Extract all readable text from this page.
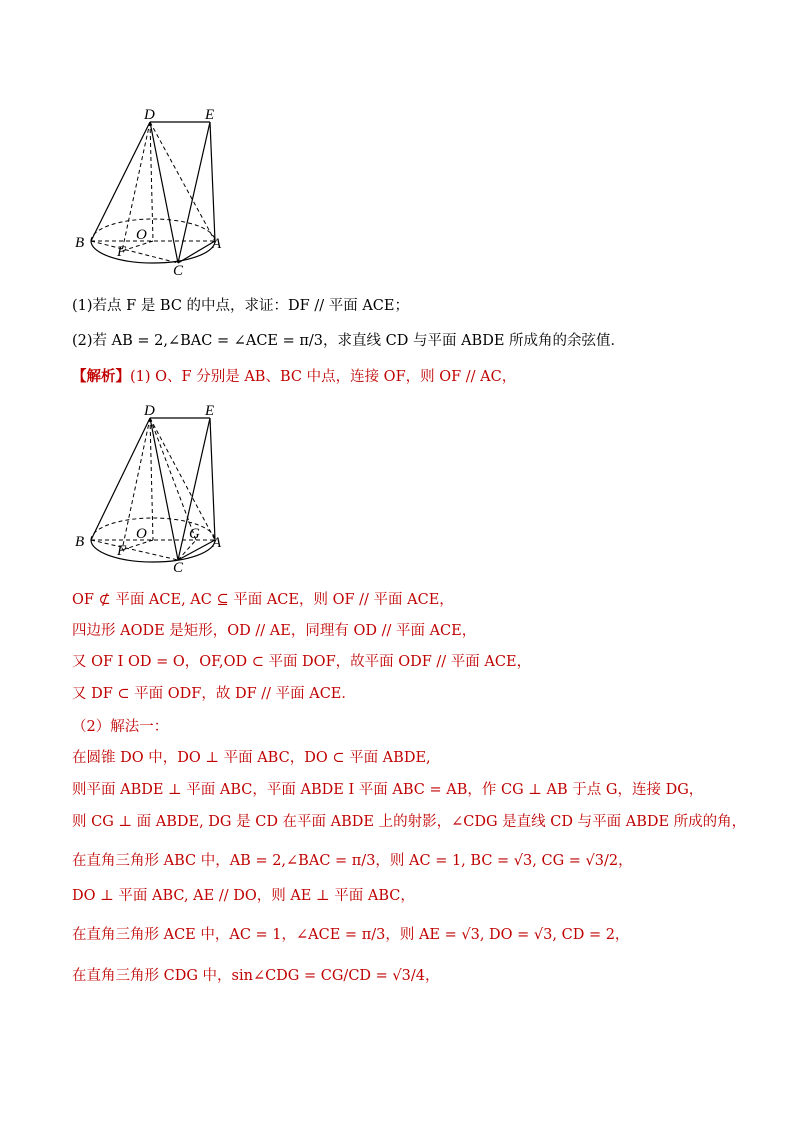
D	E
B	O
A
F
C
(1)若点 F 是 BC 的中点，求证：DF // 平面 ACE；
(2)若 AB = 2,∠BAC = ∠ACE = π/3，求直线 CD 与平面 ABDE 所成角的余弦值．
【解析】(1) O、F 分别是 AB、BC 中点，连接 OF，则 OF // AC，
D	E
B	O	G
A
F
C
OF ⊄ 平面 ACE, AC ⊆ 平面 ACE，则 OF // 平面 ACE，
四边形 AODE 是矩形，OD // AE，同理有 OD // 平面 ACE，
又 OF I OD = O，OF,OD ⊂ 平面 DOF，故平面 ODF // 平面 ACE，
又 DF ⊂ 平面 ODF，故 DF // 平面 ACE．
（2）解法一：
在圆锥 DO 中，DO ⊥ 平面 ABC，DO ⊂ 平面 ABDE,
则平面 ABDE ⊥ 平面 ABC，平面 ABDE I 平面 ABC = AB，作 CG ⊥ AB 于点 G，连接 DG，
则 CG ⊥ 面 ABDE, DG 是 CD 在平面 ABDE 上的射影，∠CDG 是直线 CD 与平面 ABDE 所成的角，
在直角三角形 ABC 中，AB = 2,∠BAC = π/3，则 AC = 1, BC = √3, CG = √3/2，
DO ⊥ 平面 ABC, AE // DO，则 AE ⊥ 平面 ABC，
在直角三角形 ACE 中，AC = 1，∠ACE = π/3，则 AE = √3, DO = √3, CD = 2，
在直角三角形 CDG 中，sin∠CDG = CG/CD = √3/4，
